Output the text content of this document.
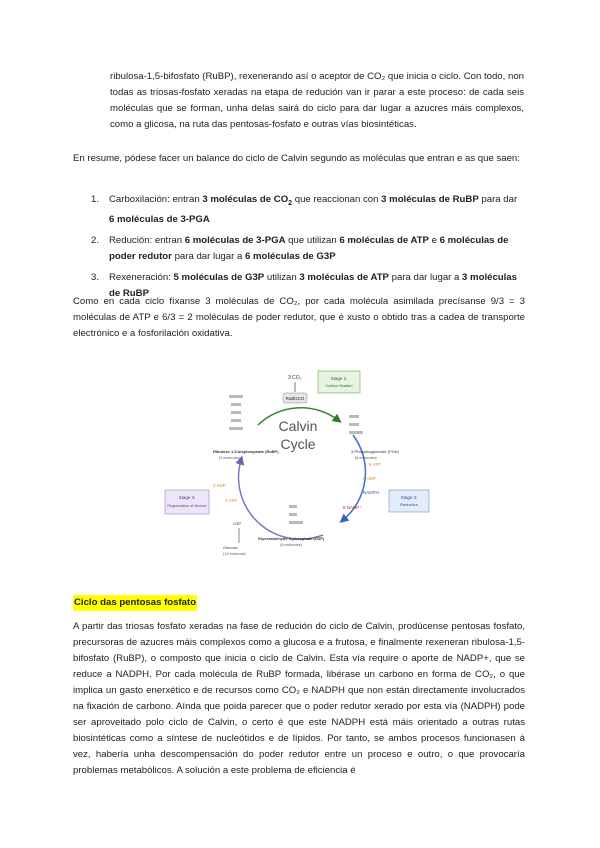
ribulosa-1,5-bifosfato (RuBP), rexenerando así o aceptor de CO₂ que inicia o ciclo. Con todo, non todas as triosas-fosfato xeradas na etapa de redución van ir parar a este proceso: de cada seis moléculas que se forman, unha delas sairá do ciclo para dar lugar a azucres máis complexos, como a glicosa, na ruta das pentosas-fosfato e outras vías biosintéticas.

En resume, pódese facer un balance do ciclo de Calvin segundo as moléculas que entran e as que saen:

1. Carboxilación: entran 3 moléculas de $CO_2$ que reaccionan con 3 moléculas de RuBP para dar 6 moléculas de 3-PGA
2. Redución: entran 6 moléculas de 3-PGA que utilizan 6 moléculas de ATP e 6 moléculas de poder redutor para dar lugar a 6 moléculas de G3P
3. Rexeneración: 5 moléculas de G3P utilizan 3 moléculas de ATP para dar lugar a 3 moléculas de RuBP

Como en cada ciclo fíxanse 3 moléculas de CO₂, por cada molécula asimilada precísanse 9/3 = 3 moléculas de ATP e 6/3 = 2 moléculas de poder redutor, que é xusto o obtido tras a cadea de transporte electrónico e a fosforilación oxidativa.

Calvin
Cycle
3 CO₂
RuBisCO
Stage 1:
Carbon fixation
Stage 2:
Reduction
Stage 3:
Regeneration of ribulose
Ribulose 1,5-bisphosphate (RuBP)
(3 molecules)
3-Phosphoglycerate (PGA)
(6 molecules)
Glyceraldehyde 3-phosphate (G3P)
(6 molecules)
3 ADP
3 ATP
6 ATP
6 ADP
NADPH
6 NADP⁺
G3P
Glucose
(1/2 molecule)
Ciclo das pentosas fosfato

A partir das triosas fosfato xeradas na fase de redución do ciclo de Calvin, prodúcense pentosas fosfato, precursoras de azucres máis complexos como a glucosa e a frutosa, e finalmente rexeneran ribulosa-1,5-bifosfato (RuBP), o composto que inicia o ciclo de Calvin. Esta vía require o aporte de NADP+, que se reduce a NADPH. Por cada molécula de RuBP formada, libérase un carbono en forma de CO₂, o que implica un gasto enerxético e de recursos como CO₂ e NADPH que non están directamente involucrados na fixación de carbono. Aínda que poida parecer que o poder redutor xerado por esta vía (NADPH) pode ser aproveitado polo ciclo de Calvin, o certo é que este NADPH está máis orientado a outras rutas biosintéticas como a síntese de nucleótidos e de lípidos. Por tanto, se ambos procesos funcionasen á vez, habería unha descompensación do poder redutor entre un proceso e outro, o que provocaría problemas metabólicos. A solución a este problema de eficiencia é
